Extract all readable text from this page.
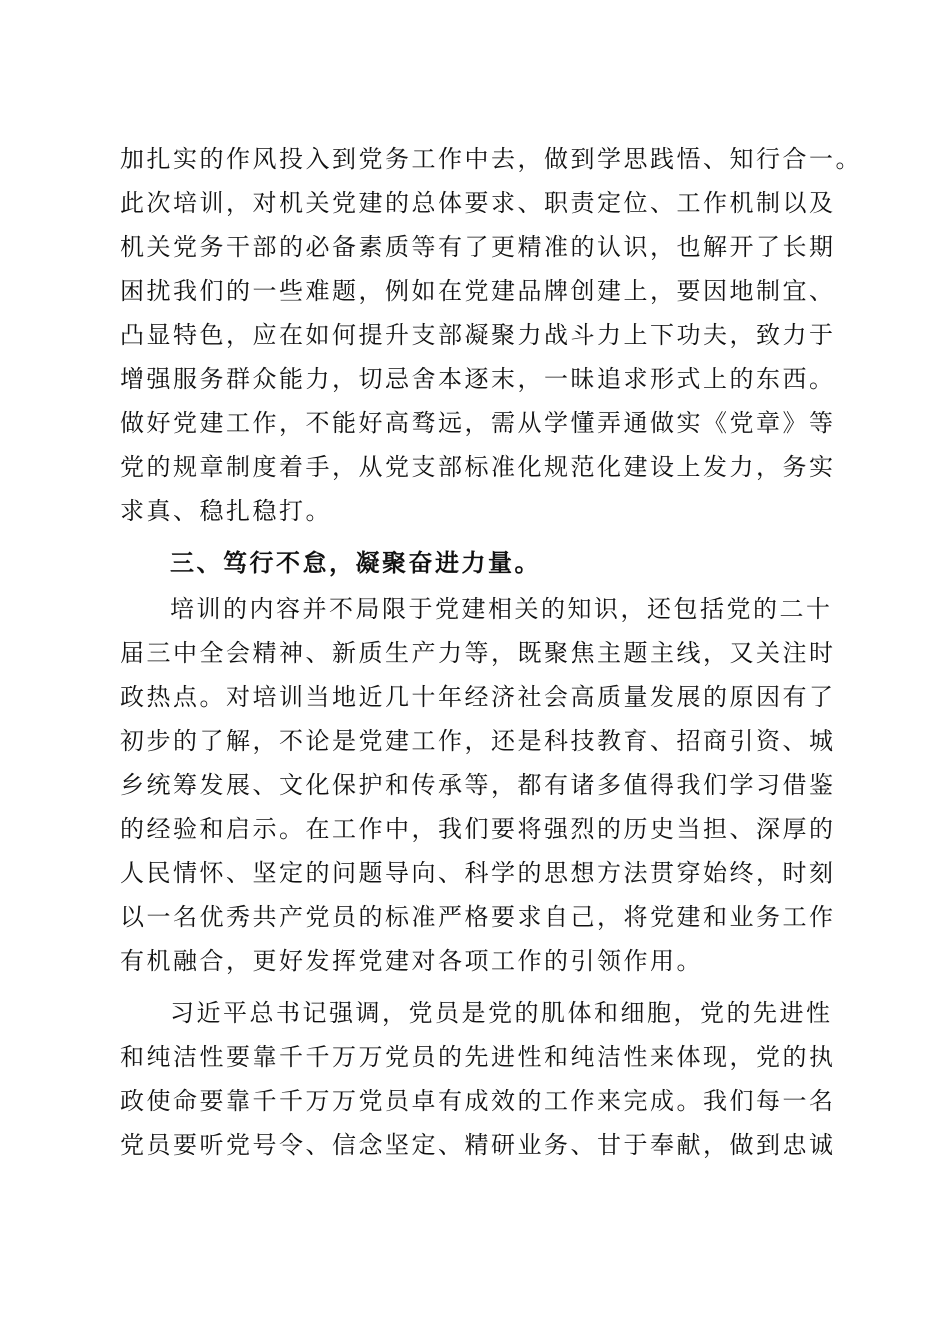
加扎实的作风投入到党务工作中去，做到学思践悟、知行合一。
此次培训，对机关党建的总体要求、职责定位、工作机制以及
机关党务干部的必备素质等有了更精准的认识，也解开了长期
困扰我们的一些难题，例如在党建品牌创建上，要因地制宜、
凸显特色，应在如何提升支部凝聚力战斗力上下功夫，致力于
增强服务群众能力，切忌舍本逐末，一昧追求形式上的东西。
做好党建工作，不能好高骛远，需从学懂弄通做实《党章》等
党的规章制度着手，从党支部标准化规范化建设上发力，务实
求真、稳扎稳打。
三、笃行不怠，凝聚奋进力量。
培训的内容并不局限于党建相关的知识，还包括党的二十
届三中全会精神、新质生产力等，既聚焦主题主线，又关注时
政热点。对培训当地近几十年经济社会高质量发展的原因有了
初步的了解，不论是党建工作，还是科技教育、招商引资、城
乡统筹发展、文化保护和传承等，都有诸多值得我们学习借鉴
的经验和启示。在工作中，我们要将强烈的历史当担、深厚的
人民情怀、坚定的问题导向、科学的思想方法贯穿始终，时刻
以一名优秀共产党员的标准严格要求自己，将党建和业务工作
有机融合，更好发挥党建对各项工作的引领作用。
习近平总书记强调，党员是党的肌体和细胞，党的先进性
和纯洁性要靠千千万万党员的先进性和纯洁性来体现，党的执
政使命要靠千千万万党员卓有成效的工作来完成。我们每一名
党员要听党号令、信念坚定、精研业务、甘于奉献，做到忠诚
